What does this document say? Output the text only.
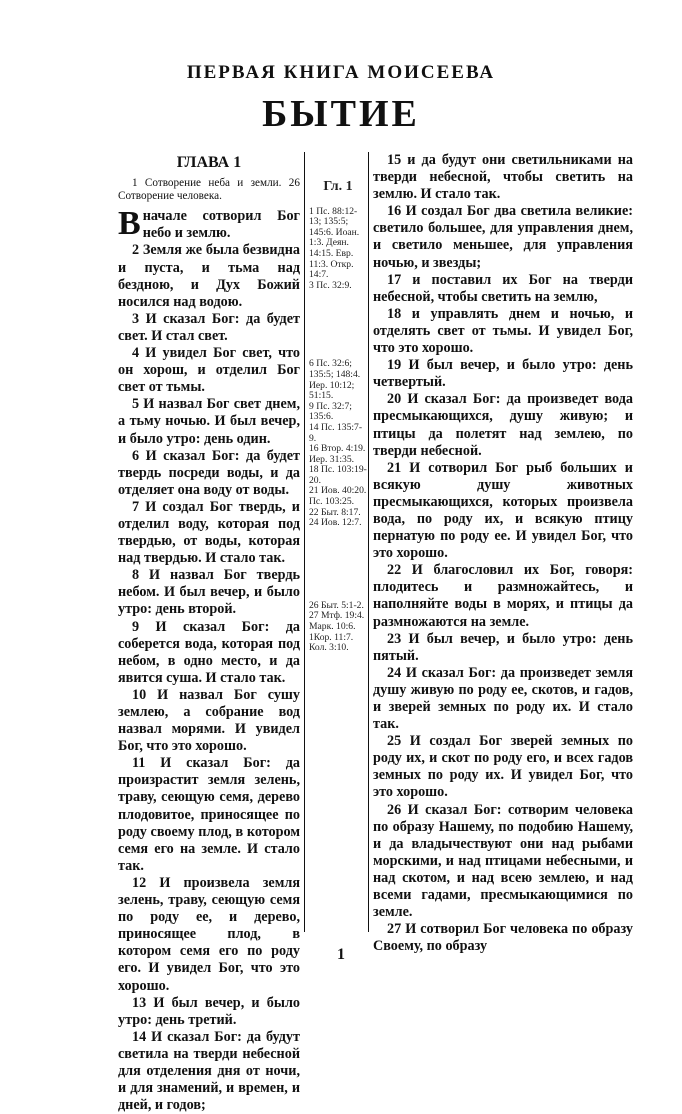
ПЕРВАЯ КНИГА МОИСЕЕВА
БЫТИЕ
ГЛАВА 1
1 Сотворение неба и земли. 26 Сотворение человека.

Вначале сотворил Бог небо и землю.

2 Земля же была безвидна и пуста, и тьма над бездною, и Дух Божий носился над водою.

3 И сказал Бог: да будет свет. И стал свет.

4 И увидел Бог свет, что он хорош, и отделил Бог свет от тьмы.

5 И назвал Бог свет днем, а тьму ночью. И был вечер, и было утро: день один.

6 И сказал Бог: да будет твердь посреди воды, и да отделяет она воду от воды.

7 И создал Бог твердь, и отделил воду, которая под твердью, от воды, которая над твердью. И стало так.

8 И назвал Бог твердь небом. И был вечер, и было утро: день второй.

9 И сказал Бог: да соберется вода, которая под небом, в одно место, и да явится суша. И стало так.

10 И назвал Бог сушу землею, а собрание вод назвал морями. И увидел Бог, что это хорошо.

11 И сказал Бог: да произрастит земля зелень, траву, сеющую семя, дерево плодовитое, приносящее по роду своему плод, в котором семя его на земле. И стало так.

12 И произвела земля зелень, траву, сеющую семя по роду ее, и дерево, приносящее плод, в котором семя его по роду его. И увидел Бог, что это хорошо.

13 И был вечер, и было утро: день третий.

14 И сказал Бог: да будут светила на тверди небесной для отделения дня от ночи, и для знамений, и времен, и дней, и годов;

Гл. 1
1 Пс. 88:12-13; 135:5; 145:6. Иоан. 1:3. Деян. 14:15. Евр. 11:3. Откр. 14:7.
3 Пс. 32:9.
6 Пс. 32:6; 135:5; 148:4. Иер. 10:12; 51:15.
9 Пс. 32:7; 135:6.
14 Пс. 135:7-9.
16 Втор. 4:19. Иер. 31:35.
18 Пс. 103:19-20.
21 Иов. 40:20. Пс. 103:25.
22 Быт. 8:17.
24 Иов. 12:7.
26 Быт. 5:1-2.
27 Мтф. 19:4. Марк. 10:6. 1Кор. 11:7. Кол. 3:10.

15 и да будут они светильниками на тверди небесной, чтобы светить на землю. И стало так.

16 И создал Бог два светила великие: светило большее, для управления днем, и светило меньшее, для управления ночью, и звезды;

17 и поставил их Бог на тверди небесной, чтобы светить на землю,

18 и управлять днем и ночью, и отделять свет от тьмы. И увидел Бог, что это хорошо.

19 И был вечер, и было утро: день четвертый.

20 И сказал Бог: да произведет вода пресмыкающихся, душу живую; и птицы да полетят над землею, по тверди небесной.

21 И сотворил Бог рыб больших и всякую душу животных пресмыкающихся, которых произвела вода, по роду их, и всякую птицу пернатую по роду ее. И увидел Бог, что это хорошо.

22 И благословил их Бог, говоря: плодитесь и размножайтесь, и наполняйте воды в морях, и птицы да размножаются на земле.

23 И был вечер, и было утро: день пятый.

24 И сказал Бог: да произведет земля душу живую по роду ее, скотов, и гадов, и зверей земных по роду их. И стало так.

25 И создал Бог зверей земных по роду их, и скот по роду его, и всех гадов земных по роду их. И увидел Бог, что это хорошо.

26 И сказал Бог: сотворим человека по образу Нашему, по подобию Нашему, и да владычествуют они над рыбами морскими, и над птицами небесными, и над скотом, и над всею землею, и над всеми гадами, пресмыкающимися по земле.

27 И сотворил Бог человека по образу Своему, по образу

1
